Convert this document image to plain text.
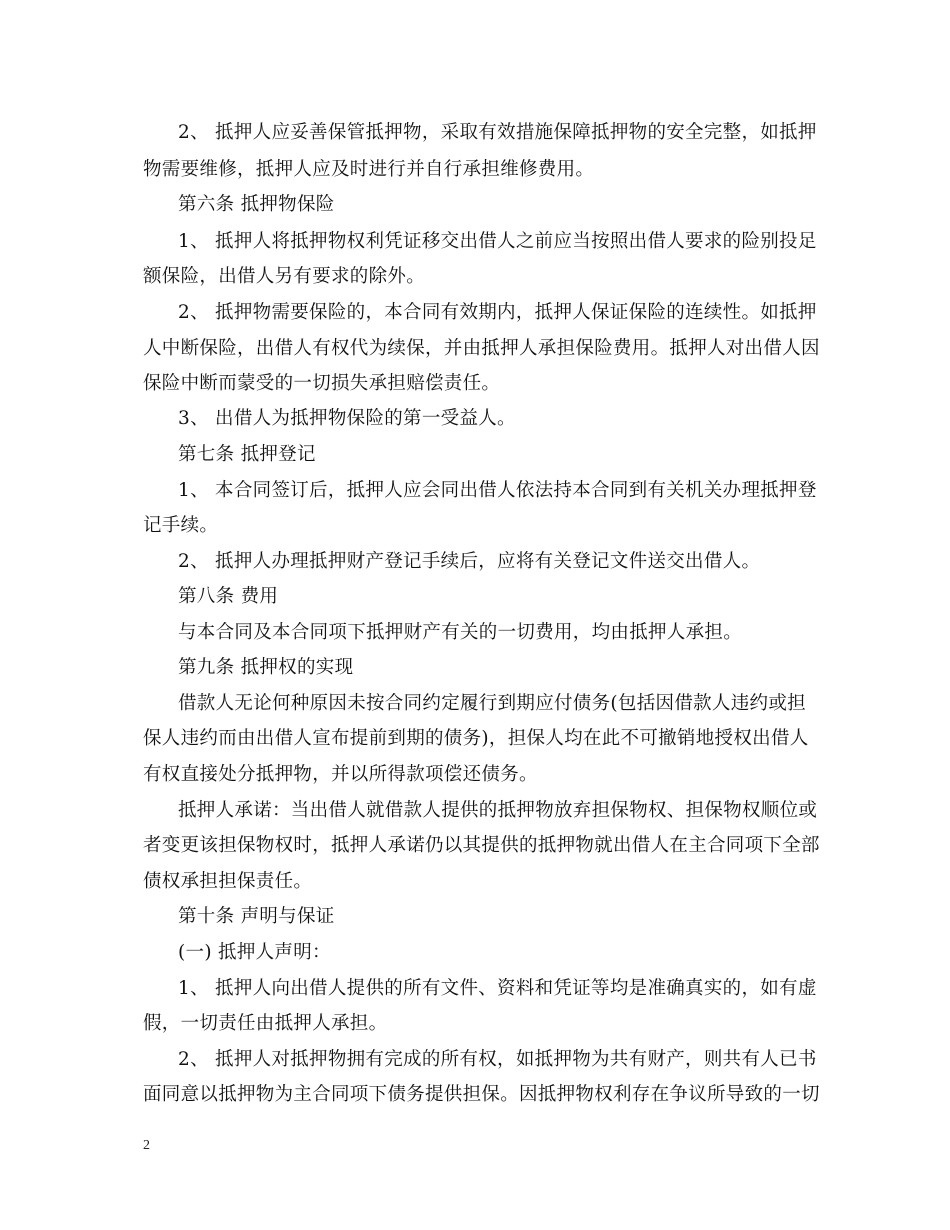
2、 抵押人应妥善保管抵押物，采取有效措施保障抵押物的安全完整，如抵押
物需要维修，抵押人应及时进行并自行承担维修费用。
第六条 抵押物保险
1、 抵押人将抵押物权利凭证移交出借人之前应当按照出借人要求的险别投足
额保险，出借人另有要求的除外。
2、 抵押物需要保险的，本合同有效期内，抵押人保证保险的连续性。如抵押
人中断保险，出借人有权代为续保，并由抵押人承担保险费用。抵押人对出借人因
保险中断而蒙受的一切损失承担赔偿责任。
3、 出借人为抵押物保险的第一受益人。
第七条 抵押登记
1、 本合同签订后，抵押人应会同出借人依法持本合同到有关机关办理抵押登
记手续。
2、 抵押人办理抵押财产登记手续后，应将有关登记文件送交出借人。
第八条 费用
与本合同及本合同项下抵押财产有关的一切费用，均由抵押人承担。
第九条 抵押权的实现
借款人无论何种原因未按合同约定履行到期应付债务(包括因借款人违约或担
保人违约而由出借人宣布提前到期的债务)，担保人均在此不可撤销地授权出借人
有权直接处分抵押物，并以所得款项偿还债务。
抵押人承诺：当出借人就借款人提供的抵押物放弃担保物权、担保物权顺位或
者变更该担保物权时，抵押人承诺仍以其提供的抵押物就出借人在主合同项下全部
债权承担担保责任。
第十条 声明与保证
(一) 抵押人声明：
1、 抵押人向出借人提供的所有文件、资料和凭证等均是准确真实的，如有虚
假，一切责任由抵押人承担。
2、 抵押人对抵押物拥有完成的所有权，如抵押物为共有财产，则共有人已书
面同意以抵押物为主合同项下债务提供担保。因抵押物权利存在争议所导致的一切
2
